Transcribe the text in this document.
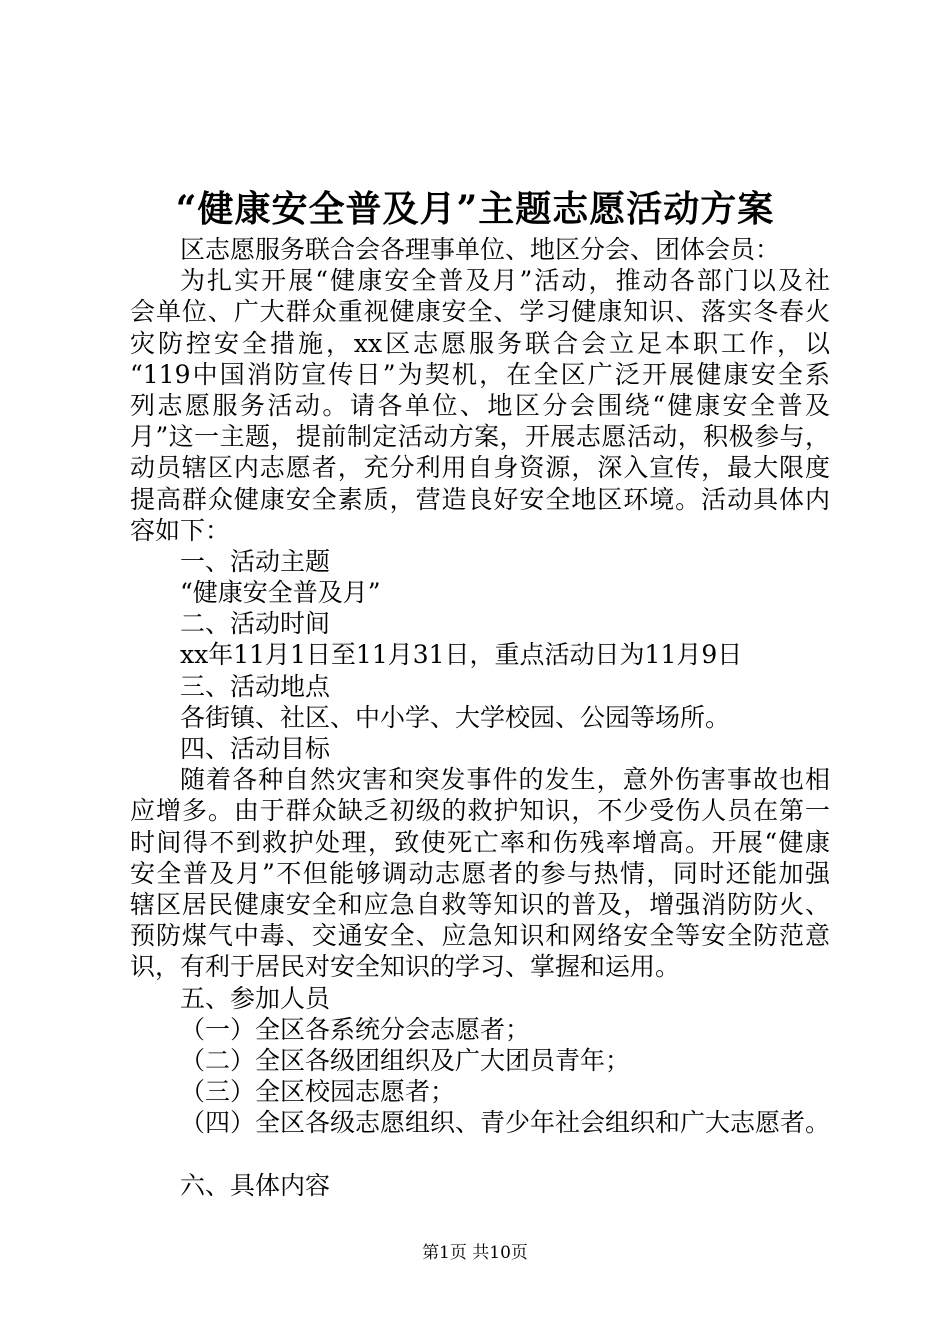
“健康安全普及月”主题志愿活动方案
区志愿服务联合会各理事单位、地区分会、团体会员：
为扎实开展“健康安全普及月”活动，推动各部门以及社
会单位、广大群众重视健康安全、学习健康知识、落实冬春火
灾防控安全措施，xx区志愿服务联合会立足本职工作，以
“119中国消防宣传日”为契机，在全区广泛开展健康安全系
列志愿服务活动。请各单位、地区分会围绕“健康安全普及
月”这一主题，提前制定活动方案，开展志愿活动，积极参与，
动员辖区内志愿者，充分利用自身资源，深入宣传，最大限度
提高群众健康安全素质，营造良好安全地区环境。活动具体内
容如下：
一、活动主题
“健康安全普及月”
二、活动时间
xx年11月1日至11月31日，重点活动日为11月9日
三、活动地点
各街镇、社区、中小学、大学校园、公园等场所。
四、活动目标
随着各种自然灾害和突发事件的发生，意外伤害事故也相
应增多。由于群众缺乏初级的救护知识，不少受伤人员在第一
时间得不到救护处理，致使死亡率和伤残率增高。开展“健康
安全普及月”不但能够调动志愿者的参与热情，同时还能加强
辖区居民健康安全和应急自救等知识的普及，增强消防防火、
预防煤气中毒、交通安全、应急知识和网络安全等安全防范意
识，有利于居民对安全知识的学习、掌握和运用。
五、参加人员
（一）全区各系统分会志愿者；
（二）全区各级团组织及广大团员青年；
（三）全区校园志愿者；
（四）全区各级志愿组织、青少年社会组织和广大志愿者。
六、具体内容
第1页 共10页
